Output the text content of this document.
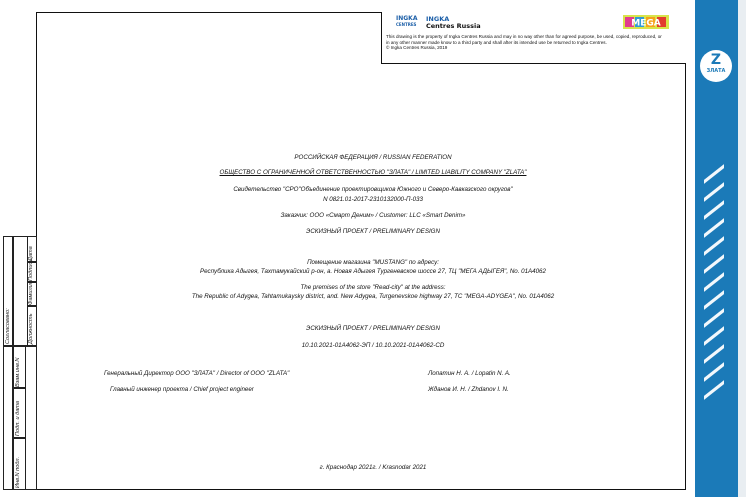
INGKA
CENTRES
INGKA
Centres Russia	MEGA
This drawing is the property of Ingka Centres Russia and may in no way other than for agreed purpose, be used, copied, reproduced, or
in any other manner made know to a third party and shall after its intended use be returned to Ingka Centres.
© Ingka Centres Russia, 2019
Z
ЗЛАТА
Дата
Подпись
Фамилия
Должность
Согласовано:
Взам.инв.N
Подп. и дата
Инв.N подл.
РОССИЙСКАЯ ФЕДЕРАЦИЯ / RUSSIAN FEDERATION
ОБЩЕСТВО С ОГРАНИЧЕННОЙ ОТВЕТСТВЕННОСТЬЮ "ЗЛАТА" / LIMITED LIABILITY COMPANY "ZLATA"
Свидетельство "СРО"Объединение проектировщиков Южного и Северо-Кавказского округов"
N 0821.01-2017-2310132000-П-033
Заказчик: ООО «Смарт Деним» / Customer: LLC «Smart Denim»
ЭСКИЗНЫЙ ПРОЕКТ / PRELIMINARY DESIGN
Помещение магазина "MUSTANG" по адресу:
Республика Адыгея, Тахтамукайский р-он, а. Новая Адыгея Тургеневское шоссе 27, ТЦ "МЕГА АДЫГЕЯ", No. 01A4062
The premises of the store "Read-city" at the address:
The Republic of Adygea, Tahtamukaysky district, and. New Adygea, Turgenevskoe highway 27, TC "MEGA-ADYGEA", No. 01A4062
ЭСКИЗНЫЙ ПРОЕКТ / PRELIMINARY DESIGN
10.10.2021-01A4062-ЭП / 10.10.2021-01A4062-CD
Генеральный Директор ООО "ЗЛАТА" / Director of OOO "ZLATA"	Лопатин Н. А. / Lopatin N. A.
Главный инженер проекта / Chief project engineer	Жданов И. Н. / Zhdanov I. N.
г. Краснодар 2021г. / Krasnodar 2021
